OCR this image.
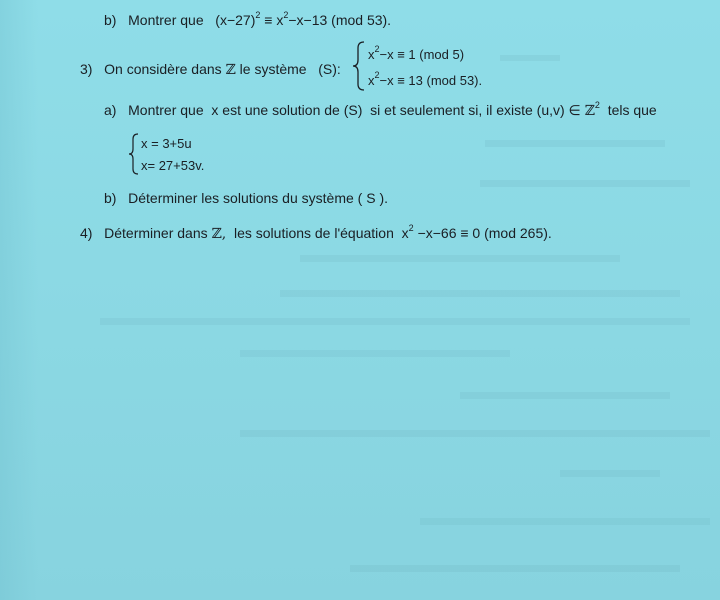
b) Montrer que $(x-27)^2 \equiv x^2-x-13$ (mod 53).
3) On considère dans ℤ le système (S):
$x^2-x \equiv 1$ (mod 5)
$x^2-x \equiv 13$ (mod 53).
a) Montrer que x est une solution de (S) si et seulement si, il existe (u,v) ∈ ℤ$^2$ tels que
x = 3+5u
x= 27+53v.
b) Déterminer les solutions du système ( S ).
4) Déterminer dans ℤ, les solutions de l'équation $x^2 -x-66 \equiv 0$ (mod 265).
